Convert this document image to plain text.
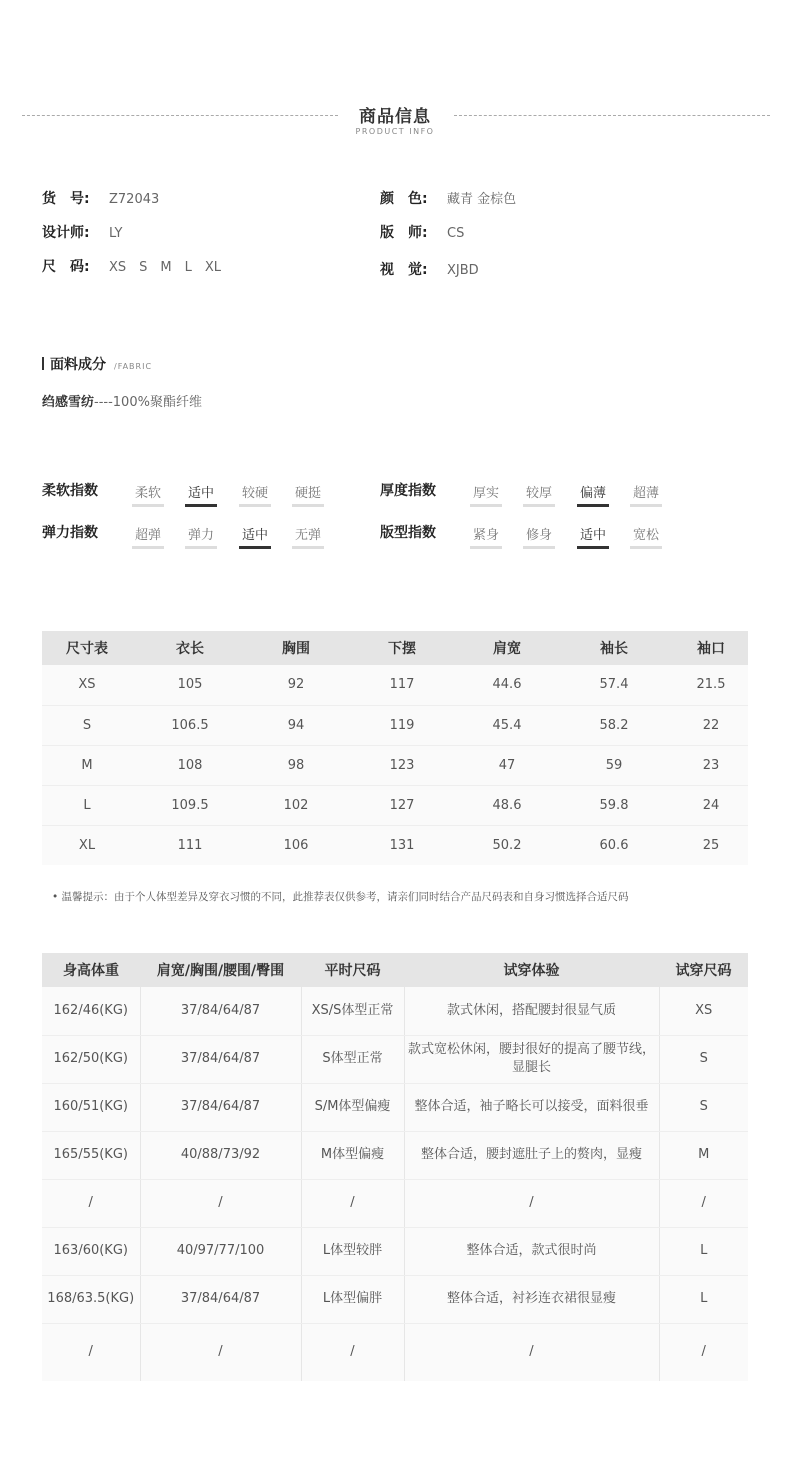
商品信息
PRODUCT INFO
货　号: Z72043
设计师: LY
尺　码: XS　S　M　L　XL
颜　色: 藏青 金棕色
版　师: CS
视　觉: XJBD
面料成分 /FABRIC
绉感雪纺----100%聚酯纤维
柔软指数	柔软 适中 较硬 硬挺	厚度指数	厚实 较厚 偏薄 超薄
弹力指数	超弹 弹力 适中 无弹	版型指数	紧身 修身 适中 宽松
尺寸表	衣长	胸围	下摆	肩宽	袖长	袖口
XS	105	92	117	44.6	57.4	21.5
S	106.5	94	119	45.4	58.2	22
M	108	98	123	47	59	23
L	109.5	102	127	48.6	59.8	24
XL	111	106	131	50.2	60.6	25
• 温馨提示：由于个人体型差异及穿衣习惯的不同，此推荐表仅供参考，请亲们同时结合产品尺码表和自身习惯选择合适尺码
身高体重	肩宽/胸围/腰围/臀围	平时尺码	试穿体验	试穿尺码
162/46(KG)	37/84/64/87	XS/S体型正常	款式休闲，搭配腰封很显气质	XS
162/50(KG)	37/84/64/87	S体型正常	款式宽松休闲，腰封很好的提高了腰节线，显腿长	S
160/51(KG)	37/84/64/87	S/M体型偏瘦	整体合适，袖子略长可以接受，面料很垂	S
165/55(KG)	40/88/73/92	M体型偏瘦	整体合适，腰封遮肚子上的赘肉，显瘦	M
/	/	/	/	/
163/60(KG)	40/97/77/100	L体型较胖	整体合适，款式很时尚	L
168/63.5(KG)	37/84/64/87	L体型偏胖	整体合适，衬衫连衣裙很显瘦	L
/	/	/	/	/
